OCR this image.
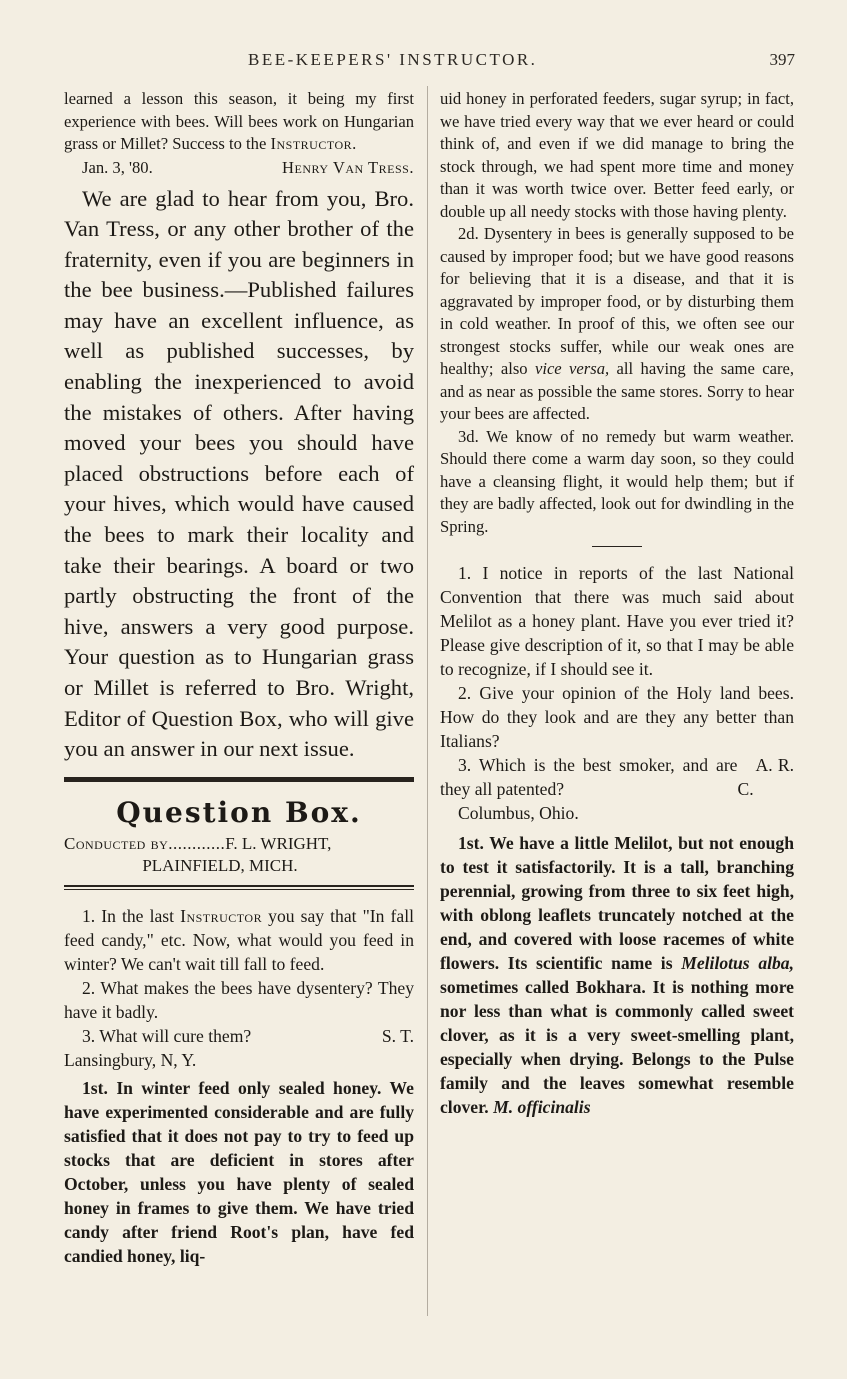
BEE-KEEPERS' INSTRUCTOR.	397

learned a lesson this season, it being my first experience with bees. Will bees work on Hungarian grass or Millet? Success to the Instructor.

Jan. 3, '80.	Henry Van Tress.

We are glad to hear from you, Bro. Van Tress, or any other brother of the fraternity, even if you are beginners in the bee business.—Published failures may have an excellent influence, as well as published successes, by enabling the inexperienced to avoid the mistakes of others. After having moved your bees you should have placed obstructions before each of your hives, which would have caused the bees to mark their locality and take their bearings. A board or two partly obstructing the front of the hive, answers a very good purpose. Your question as to Hungarian grass or Millet is referred to Bro. Wright, Editor of Question Box, who will give you an answer in our next issue.

Question Box.
Conducted by............F. L. WRIGHT,
PLAINFIELD, MICH.

1. In the last Instructor you say that "In fall feed candy," etc. Now, what would you feed in winter? We can't wait till fall to feed.

2. What makes the bees have dysentery? They have it badly.

3. What will cure them?	S. T.

Lansingbury, N, Y.

1st. In winter feed only sealed honey. We have experimented considerable and are fully satisfied that it does not pay to try to feed up stocks that are deficient in stores after October, unless you have plenty of sealed honey in frames to give them. We have tried candy after friend Root's plan, have fed candied honey, liq-

uid honey in perforated feeders, sugar syrup; in fact, we have tried every way that we ever heard or could think of, and even if we did manage to bring the stock through, we had spent more time and money than it was worth twice over. Better feed early, or double up all needy stocks with those having plenty.

2d. Dysentery in bees is generally supposed to be caused by improper food; but we have good reasons for believing that it is a disease, and that it is aggravated by improper food, or by disturbing them in cold weather. In proof of this, we often see our strongest stocks suffer, while our weak ones are healthy; also vice versa, all having the same care, and as near as possible the same stores. Sorry to hear your bees are affected.

3d. We know of no remedy but warm weather. Should there come a warm day soon, so they could have a cleansing flight, it would help them; but if they are badly affected, look out for dwindling in the Spring.

1. I notice in reports of the last National Convention that there was much said about Melilot as a honey plant. Have you ever tried it? Please give description of it, so that I may be able to recognize, if I should see it.

2. Give your opinion of the Holy land bees. How do they look and are they any better than Italians?

3. Which is the best smoker, and are they all patented?
A. R. C.

Columbus, Ohio.

1st. We have a little Melilot, but not enough to test it satisfactorily. It is a tall, branching perennial, growing from three to six feet high, with oblong leaflets truncately notched at the end, and covered with loose racemes of white flowers. Its scientific name is Melilotus alba, sometimes called Bokhara. It is nothing more nor less than what is commonly called sweet clover, as it is a very sweet-smelling plant, especially when drying. Belongs to the Pulse family and the leaves somewhat resemble clover. M. officinalis
